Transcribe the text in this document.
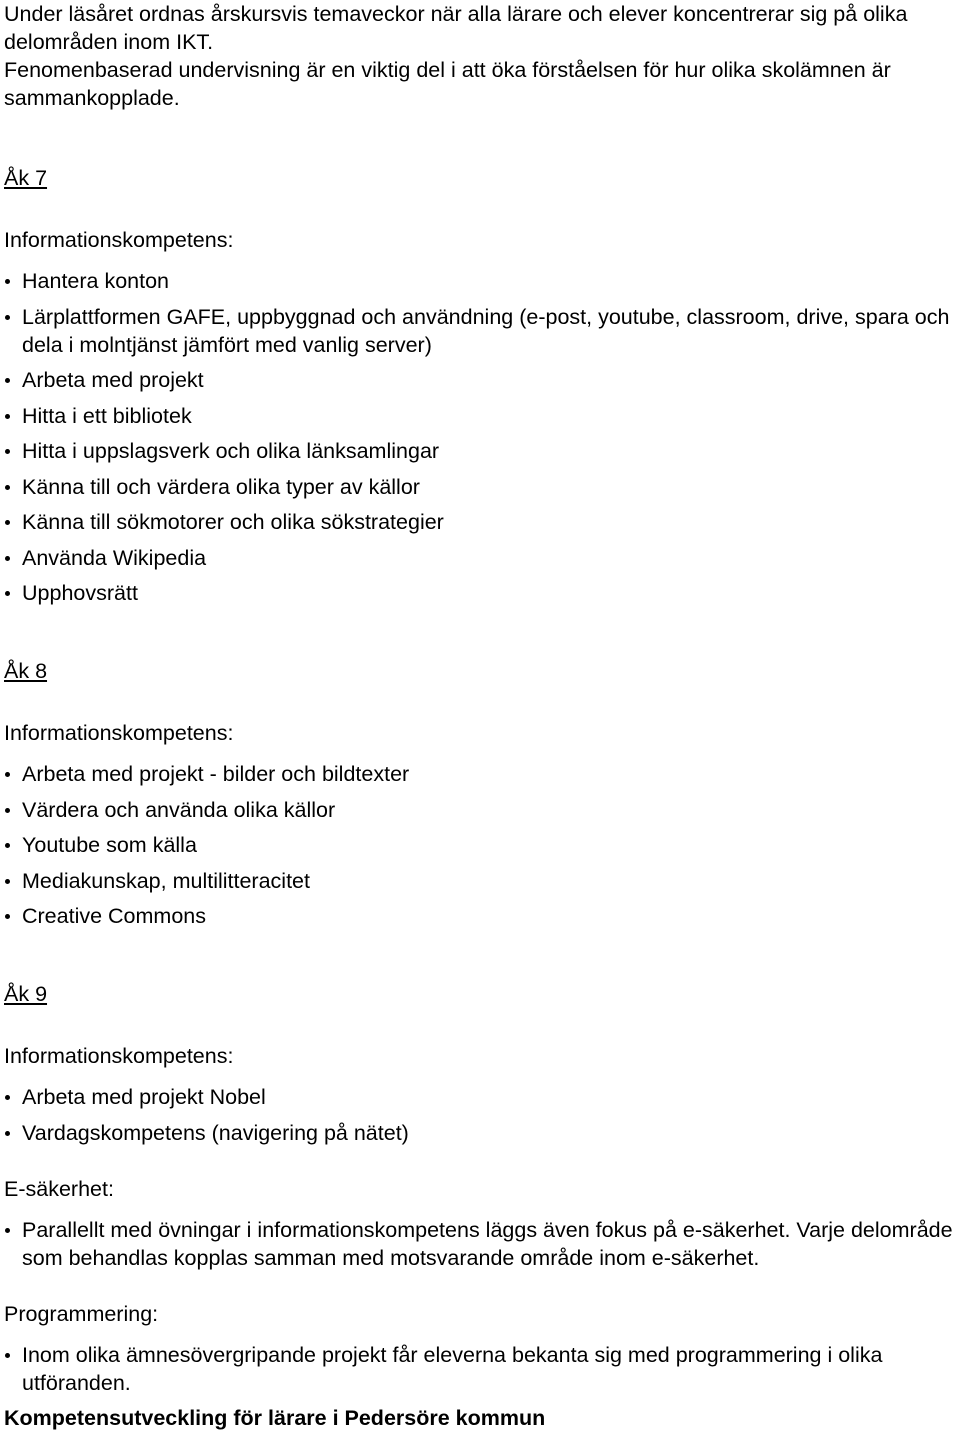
Under läsåret ordnas årskursvis temaveckor när alla lärare och elever koncentrerar sig på olika delområden inom IKT.

Fenomenbaserad undervisning är en viktig del i att öka förståelsen för hur olika skolämnen är sammankopplade.

Åk 7

Informationskompetens:

Hantera konton
Lärplattformen GAFE, uppbyggnad och användning (e-post, youtube, classroom, drive, spara och dela i molntjänst jämfört med vanlig server)
Arbeta med projekt
Hitta i ett bibliotek
Hitta i uppslagsverk och olika länksamlingar
Känna till och värdera olika typer av källor
Känna till sökmotorer och olika sökstrategier
Använda Wikipedia
Upphovsrätt

Åk 8

Informationskompetens:

Arbeta med projekt - bilder och bildtexter
Värdera och använda olika källor
Youtube som källa
Mediakunskap, multilitteracitet
Creative Commons

Åk 9

Informationskompetens:

Arbeta med projekt Nobel
Vardagskompetens (navigering på nätet)

E-säkerhet:

Parallellt med övningar i informationskompetens läggs även fokus på e-säkerhet. Varje delområde som behandlas kopplas samman med motsvarande område inom e-säkerhet.

Programmering:

Inom olika ämnesövergripande projekt får eleverna bekanta sig med programmering i olika utföranden.

Kompetensutveckling för lärare i Pedersöre kommun
